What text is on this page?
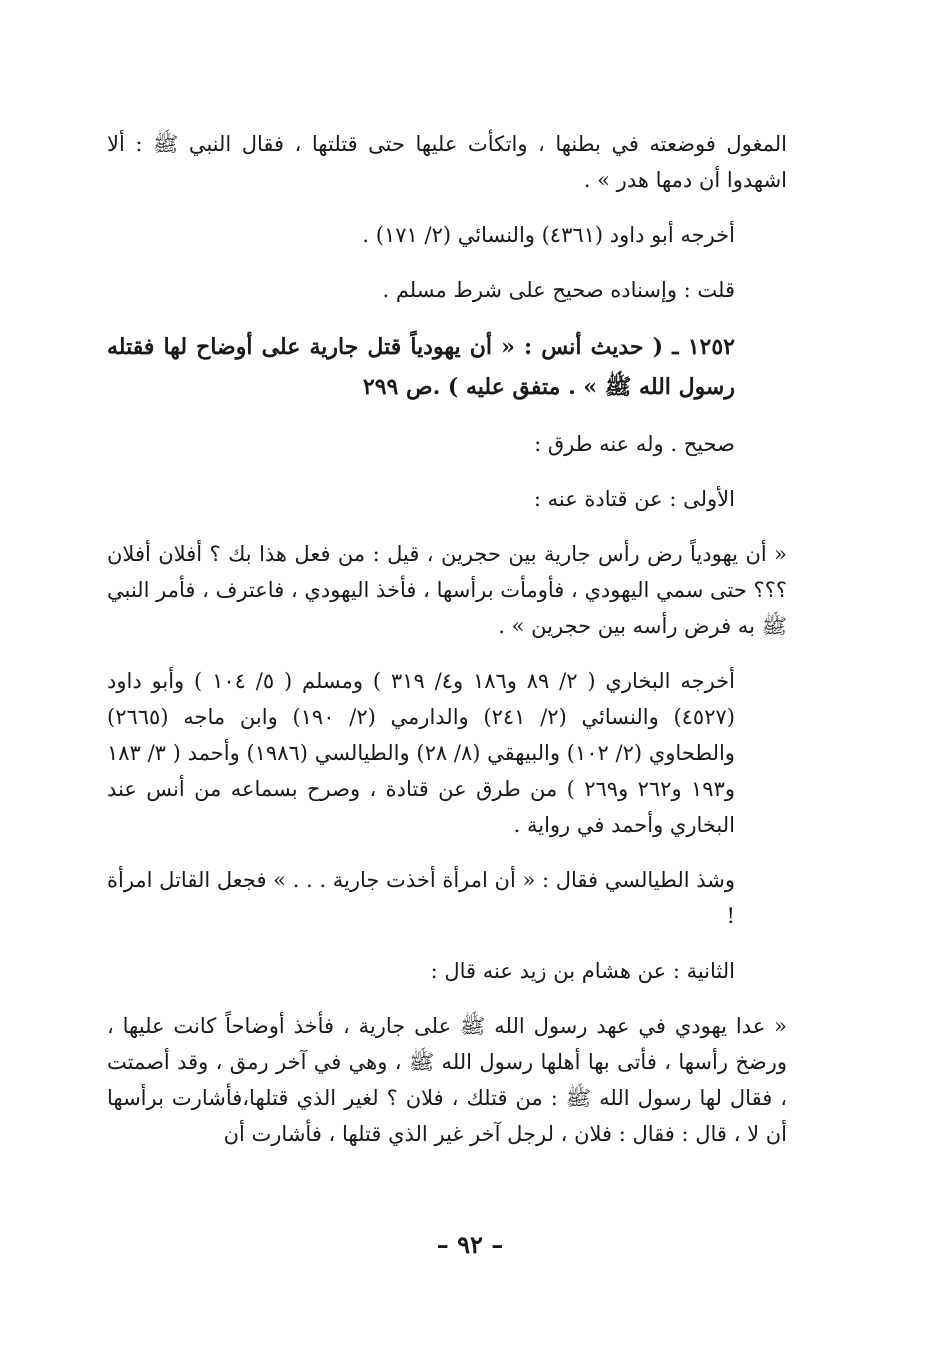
المغول فوضعته في بطنها ، واتكأت عليها حتى قتلتها ، فقال النبي ﷺ : ألا اشهدوا أن دمها هدر » .

أخرجه أبو داود (٤٣٦١) والنسائي (٢/ ١٧١) .

قلت : وإسناده صحيح على شرط مسلم .

١٢٥٢ ـ ( حديث أنس : « أن يهودياً قتل جارية على أوضاح لها فقتله رسول الله ﷺ » . متفق عليه ) .ص ٢٩٩

صحيح . وله عنه طرق :

الأولى : عن قتادة عنه :

« أن يهودياً رض رأس جارية بين حجرين ، قيل : من فعل هذا بك ؟ أفلان أفلان ؟؟؟ حتى سمي اليهودي ، فأومأت برأسها ، فأخذ اليهودي ، فاعترف ، فأمر النبي ﷺ به فرض رأسه بين حجرين » .

أخرجه البخاري ( ٢/ ٨٩ و١٨٦ و٤/ ٣١٩ ) ومسلم ( ٥/ ١٠٤ ) وأبو داود (٤٥٢٧) والنسائي (٢/ ٢٤١) والدارمي (٢/ ١٩٠) وابن ماجه (٢٦٦٥) والطحاوي (٢/ ١٠٢) والبيهقي (٨/ ٢٨) والطيالسي (١٩٨٦) وأحمد ( ٣/ ١٨٣ و١٩٣ و٢٦٢ و٢٦٩ ) من طرق عن قتادة ، وصرح بسماعه من أنس عند البخاري وأحمد في رواية .

وشذ الطيالسي فقال : « أن امرأة أخذت جارية . . . » فجعل القاتل امرأة !

الثانية : عن هشام بن زيد عنه قال :

« عدا يهودي في عهد رسول الله ﷺ على جارية ، فأخذ أوضاحاً كانت عليها ، ورضخ رأسها ، فأتى بها أهلها رسول الله ﷺ ، وهي في آخر رمق ، وقد أصمتت ، فقال لها رسول الله ﷺ : من قتلك ، فلان ؟ لغير الذي قتلها،فأشارت برأسها أن لا ، قال : فقال : فلان ، لرجل آخر غير الذي قتلها ، فأشارت أن

– ٩٢ –
